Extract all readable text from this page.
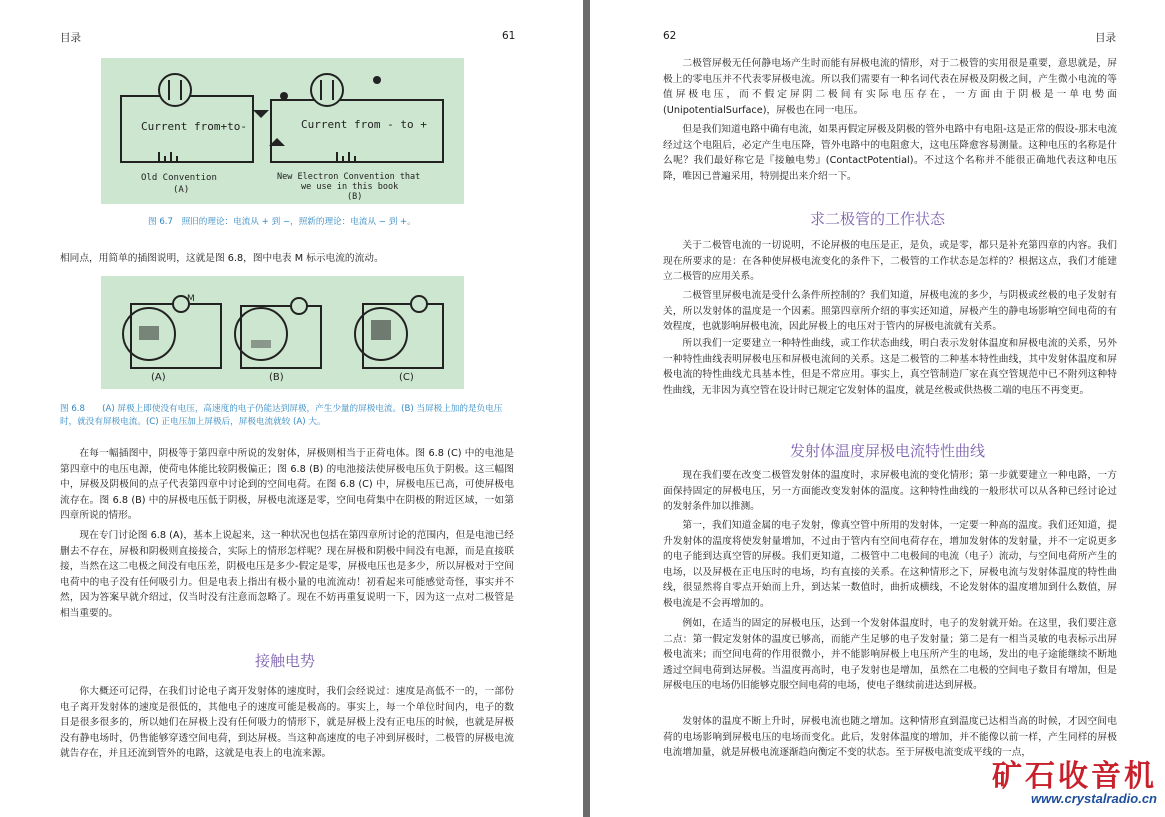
目录	61
Current from+to-
Old Convention
(A)
Current from - to +
New Electron Convention that
we use in this book
(B)
图 6.7　照旧的理论：电流从 + 到 −，照新的理论：电流从 − 到 +。

相同点，用简单的插图说明，这就是图 6.8，图中电表 M 标示电流的流动。

M
(A)	(B)	(C)
图 6.8　　(A) 屏极上即使没有电压，高速度的电子仍能达到屏极，产生少量的屏极电流。(B) 当屏极上加的是负电压时，就没有屏极电流。(C) 正电压加上屏极后，屏极电流就较 (A) 大。

在每一幅插图中，阴极等于第四章中所说的发射体，屏极则相当于正荷电体。图 6.8 (C) 中的电池是第四章中的电压电源，使荷电体能比较阴极偏正；图 6.8 (B) 的电池接法使屏极电压负于阴极。这三幅图中，屏极及阴极间的点子代表第四章中讨论到的空间电荷。在图 6.8 (C) 中，屏极电压已高，可使屏极电流存在。图 6.8 (B) 中的屏极电压低于阴极，屏极电流逐是零，空间电荷集中在阴极的附近区域，一如第四章所说的情形。

现在专门讨论图 6.8 (A)，基本上说起来，这一种状况也包括在第四章所讨论的范围内，但是电池已经删去不存在，屏极和阴极则直接接合，实际上的情形怎样呢？现在屏极和阴极中间没有电源，而是直接联接，当然在这二电极之间没有电压差，阴极电压是多少-假定是零，屏极电压也是多少，所以屏极对于空间电荷中的电子没有任何吸引力。但是电表上指出有极小量的电流流动！初看起来可能感觉奇怪，事实并不然，因为答案早就介绍过，仅当时没有注意而忽略了。现在不妨再重复说明一下，因为这一点对二极管是相当重要的。

接触电势

你大概还可记得，在我们讨论电子离开发射体的速度时，我们会经说过：速度是高低不一的，一部份电子离开发射体的速度是很低的，其他电子的速度可能是极高的。事实上，每一个单位时间内，电子的数目是很多很多的，所以她们在屏极上没有任何吸力的情形下，就是屏极上没有正电压的时候，也就是屏极没有静电场时，仍售能够穿透空间电荷，到达屏极。当这种高速度的电子冲到屏极时，二极管的屏极电流就告存在，并且还流到管外的电路，这就是电表上的电流来源。

62	目录

二极管屏极无任何静电场产生时而能有屏极电流的情形，对于二极管的实用很是重要，意思就是，屏极上的零电压并不代表零屏极电流。所以我们需要有一种名词代表在屏极及阴极之间，产生微小电流的等值屏极电压，而不假定屏阴二极间有实际电压存在，一方面由于阴极是一单电势面 (UnipotentialSurface)，屏极也在同一电压。

但是我们知道电路中确有电流，如果再假定屏极及阴极的管外电路中有电阻-这是正常的假设-那末电流经过这个电阻后，必定产生电压降，管外电路中的电阻愈大，这电压降愈容易测量。这种电压的名称是什么呢？我们最好称它是『接触电势』(ContactPotential)。不过这个名称并不能很正确地代表这种电压降，唯因已普遍采用，特别提出来介绍一下。

求二极管的工作状态

关于二极管电流的一切说明，不论屏极的电压是正，是负，或是零，都只是补充第四章的内容。我们现在所要求的是：在各种使屏极电流变化的条件下，二极管的工作状态是怎样的？根据这点，我们才能建立二极管的应用关系。

二极管里屏极电流是受什么条件所控制的？我们知道，屏极电流的多少，与阴极或丝极的电子发射有关，所以发射体的温度是一个因素。照第四章所介绍的事实还知道，屏极产生的静电场影响空间电荷的有效程度，也就影响屏极电流，因此屏极上的电压对于管内的屏极电流就有关系。

所以我们一定要建立一种特性曲线，或工作状态曲线，明白表示发射体温度和屏极电流的关系，另外一种特性曲线表明屏极电压和屏极电流间的关系。这是二极管的二种基本特性曲线，其中发射体温度和屏极电流的特性曲线尤具基本性，但是不常应用。事实上，真空管制造厂家在真空管规范中已不附列这种特性曲线，无非因为真空管在设计时已规定它发射体的温度，就是丝极或供热极二端的电压不再变更。

发射体温度屏极电流特性曲线

现在我们要在改变二极管发射体的温度时，求屏极电流的变化情形；第一步就要建立一种电路，一方面保持固定的屏极电压，另一方面能改变发射体的温度。这种特性曲线的一般形状可以从各种已经讨论过的发射条件加以推测。

第一，我们知道金属的电子发射，像真空管中所用的发射体，一定要一种高的温度。我们还知道，提升发射体的温度将使发射量增加，不过由于管内有空间电荷存在，增加发射体的发射量，并不一定说更多的电子能到达真空管的屏极。我们更知道，二极管中二电极间的电流（电子）流动，与空间电荷所产生的电场，以及屏极在正电压时的电场，均有直接的关系。在这种情形之下，屏极电流与发射体温度的特性曲线，很显然将自零点开始而上升，到达某一数值时，曲折成横线，不论发射体的温度增加到什么数值，屏极电流是不会再增加的。

例如，在适当的固定的屏极电压，达到一个发射体温度时，电子的发射就开始。在这里，我们要注意二点：第一假定发射体的温度已够高，而能产生足够的电子发射量；第二是有一相当灵敏的电表标示出屏极电流来；而空间电荷的作用很微小，并不能影响屏极上电压所产生的电场，发出的电子途能继续不断地透过空间电荷到达屏极。当温度再高时，电子发射也是增加，虽然在二电极的空间电子数目有增加，但是屏极电压的电场仍旧能够克服空间电荷的电场，使电子继续前进达到屏极。

发射体的温度不断上升时，屏极电流也随之增加。这种情形直到温度已达相当高的时候，才因空间电荷的电场影响到屏极电压的电场而变化。此后，发射体温度的增加，并不能像以前一样，产生同样的屏极电流增加量，就是屏极电流逐渐趋向衡定不变的状态。至于屏极电流变成平线的一点，

矿石收音机
www.crystalradio.cn
